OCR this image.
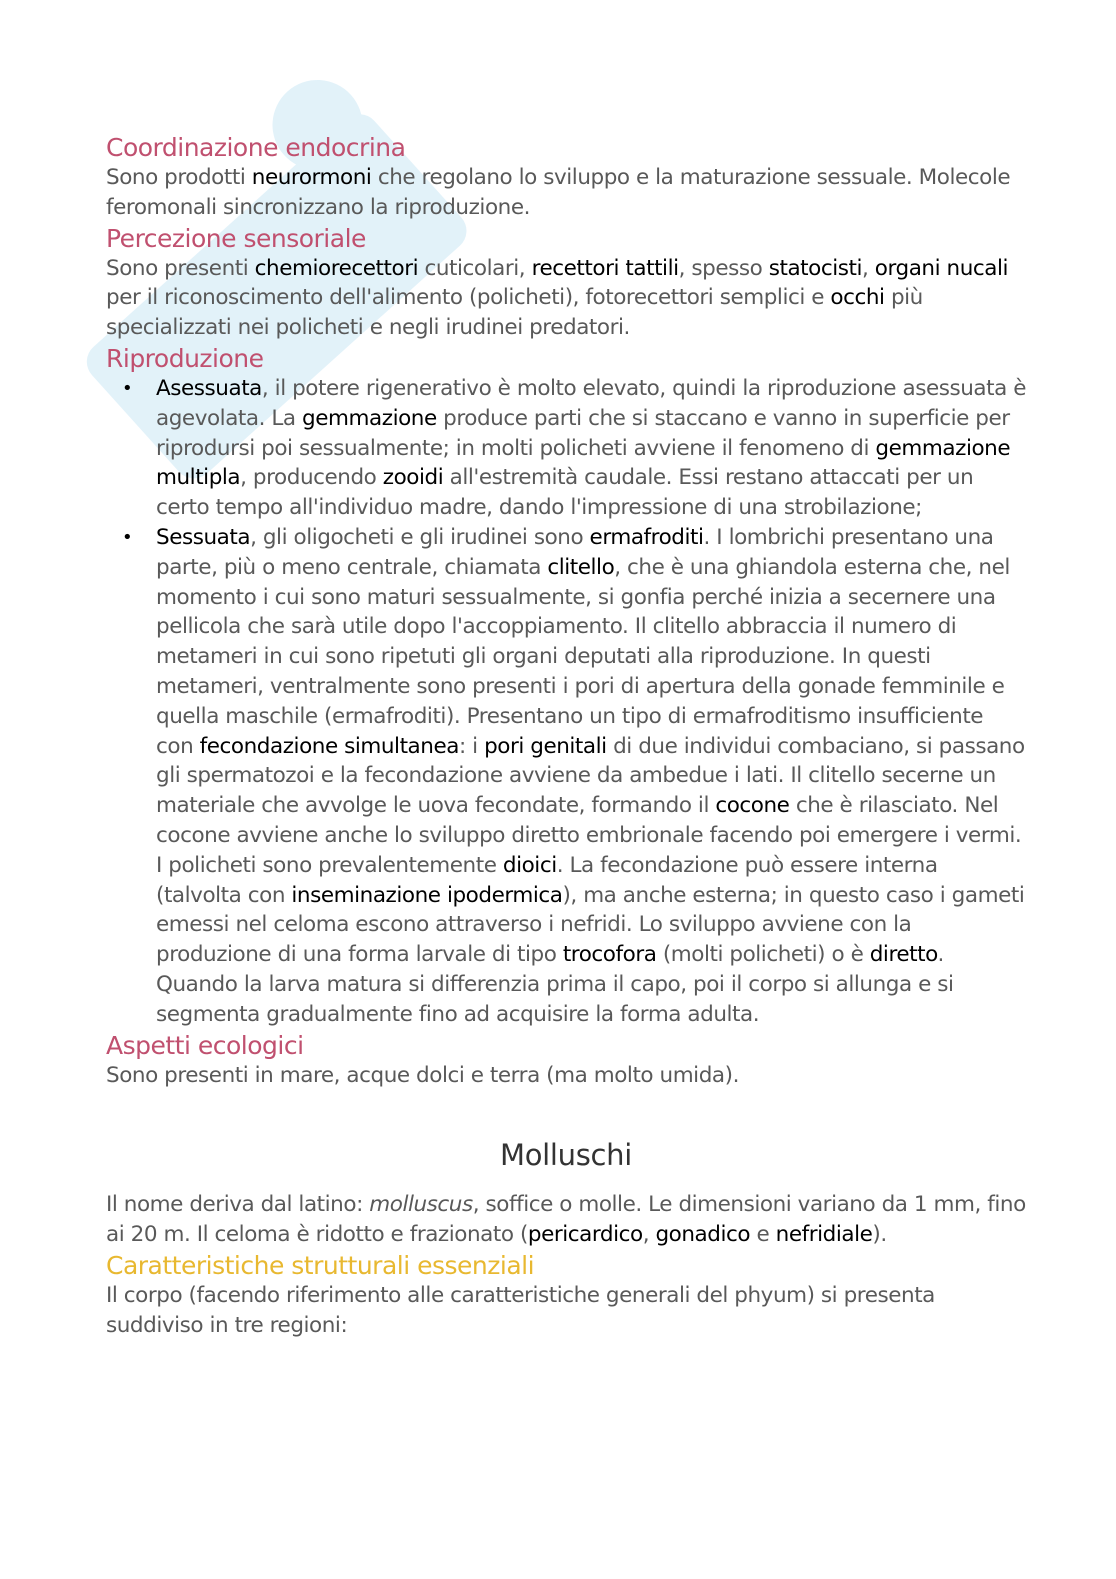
Coordinazione endocrina

Sono prodotti neurormoni che regolano lo sviluppo e la maturazione sessuale. Molecole feromonali sincronizzano la riproduzione.

Percezione sensoriale

Sono presenti chemiorecettori cuticolari, recettori tattili, spesso statocisti, organi nucali per il riconoscimento dell'alimento (policheti), fotorecettori semplici e occhi più specializzati nei policheti e negli irudinei predatori.

Riproduzione
• Asessuata, il potere rigenerativo è molto elevato, quindi la riproduzione asessuata è agevolata. La gemmazione produce parti che si staccano e vanno in superficie per riprodursi poi sessualmente; in molti policheti avviene il fenomeno di gemmazione multipla, producendo zooidi all'estremità caudale. Essi restano attaccati per un certo tempo all'individuo madre, dando l'impressione di una strobilazione;
• Sessuata, gli oligocheti e gli irudinei sono ermafroditi. I lombrichi presentano una parte, più o meno centrale, chiamata clitello, che è una ghiandola esterna che, nel momento i cui sono maturi sessualmente, si gonfia perché inizia a secernere una pellicola che sarà utile dopo l'accoppiamento. Il clitello abbraccia il numero di metameri in cui sono ripetuti gli organi deputati alla riproduzione. In questi metameri, ventralmente sono presenti i pori di apertura della gonade femminile e quella maschile (ermafroditi). Presentano un tipo di ermafroditismo insufficiente con fecondazione simultanea: i pori genitali di due individui combaciano, si passano gli spermatozoi e la fecondazione avviene da ambedue i lati. Il clitello secerne un materiale che avvolge le uova fecondate, formando il cocone che è rilasciato. Nel cocone avviene anche lo sviluppo diretto embrionale facendo poi emergere i vermi.
I policheti sono prevalentemente dioici. La fecondazione può essere interna (talvolta con inseminazione ipodermica), ma anche esterna; in questo caso i gameti emessi nel celoma escono attraverso i nefridi. Lo sviluppo avviene con la produzione di una forma larvale di tipo trocofora (molti policheti) o è diretto. Quando la larva matura si differenzia prima il capo, poi il corpo si allunga e si segmenta gradualmente fino ad acquisire la forma adulta.
Aspetti ecologici

Sono presenti in mare, acque dolci e terra (ma molto umida).

Molluschi

Il nome deriva dal latino: molluscus, soffice o molle. Le dimensioni variano da 1 mm, fino ai 20 m. Il celoma è ridotto e frazionato (pericardico, gonadico e nefridiale).

Caratteristiche strutturali essenziali

Il corpo (facendo riferimento alle caratteristiche generali del phyum) si presenta suddiviso in tre regioni:
